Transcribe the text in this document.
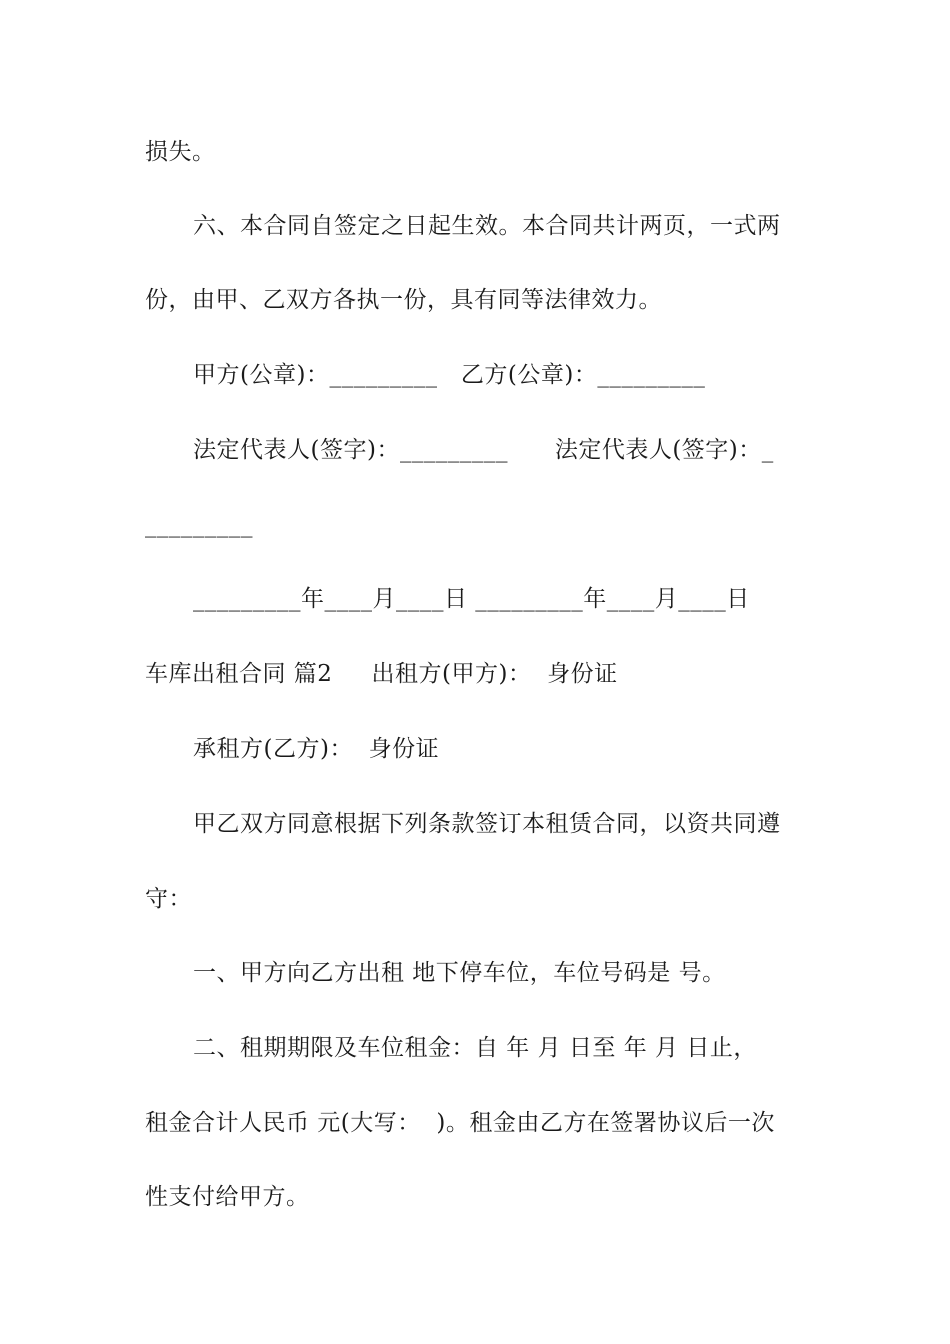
损失。
六、本合同自签定之日起生效。本合同共计两页，一式两
份，由甲、乙双方各执一份，具有同等法律效力。
甲方(公章)：_________   乙方(公章)：_________
法定代表人(签字)：_________      法定代表人(签字)：_
_________
_________年____月____日 _________年____月____日
车库出租合同 篇2     出租方(甲方)：  身份证
承租方(乙方)：  身份证
甲乙双方同意根据下列条款签订本租赁合同，以资共同遵
守：
一、甲方向乙方出租 地下停车位，车位号码是 号。
二、租期期限及车位租金：自 年 月 日至 年 月 日止，
租金合计人民币 元(大写：  )。租金由乙方在签署协议后一次
性支付给甲方。
